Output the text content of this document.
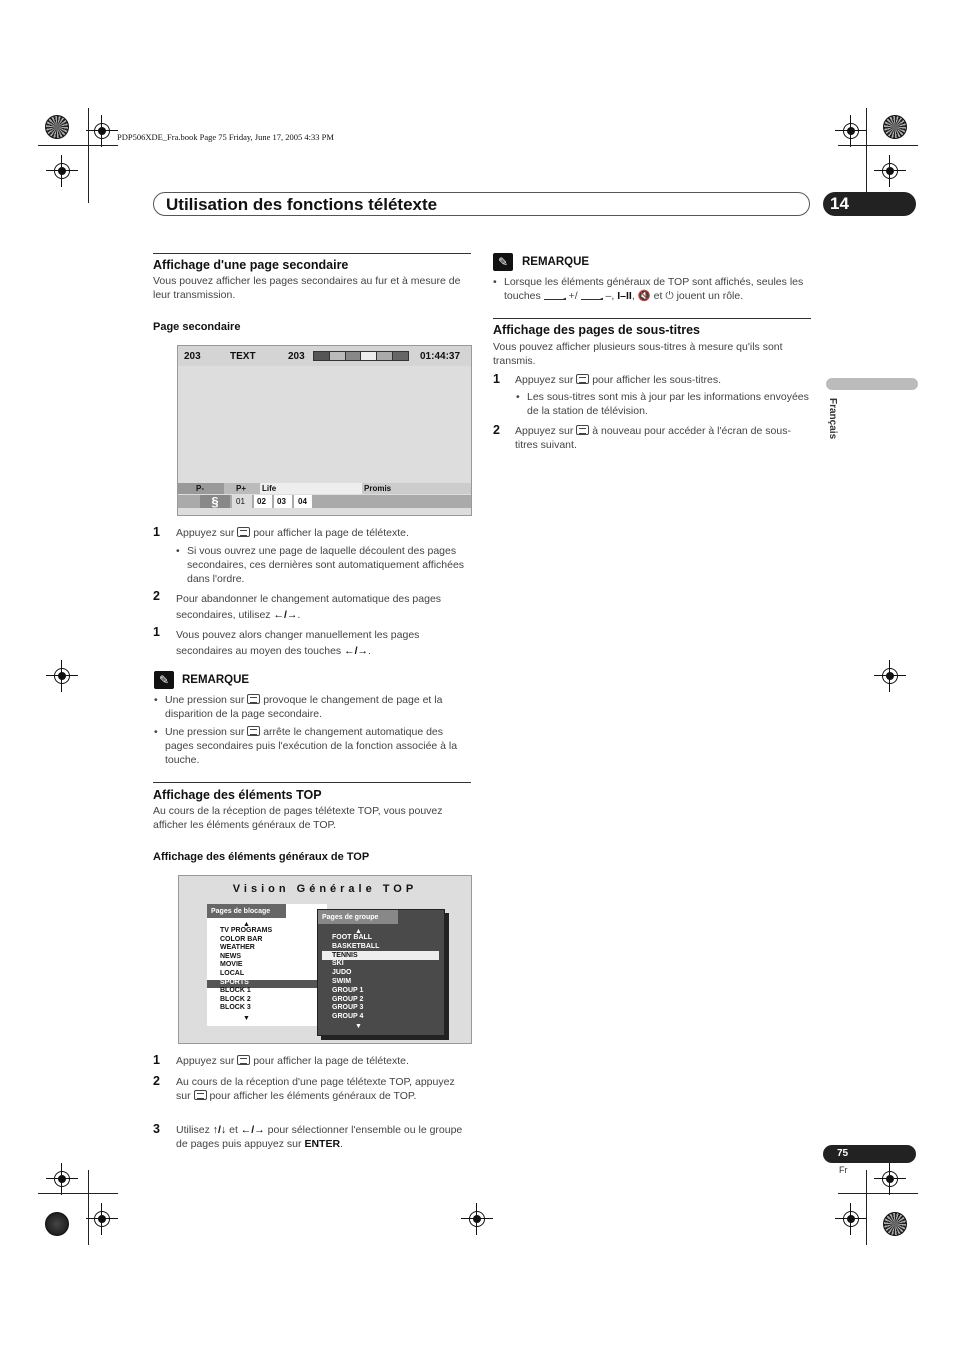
PDP506XDE_Fra.book Page 75 Friday, June 17, 2005 4:33 PM
Utilisation des fonctions télétexte	14
Affichage d'une page secondaire
Vous pouvez afficher les pages secondaires au fur et à mesure de leur transmission.
Page secondaire
203	TEXT	203	01:44:37
P-	P+ Life	Promis
§	01 02 03 04
1 Appuyez sur pour afficher la page de télétexte.
• Si vous ouvrez une page de laquelle découlent des pages secondaires, ces dernières sont automatiquement affichées dans l'ordre.
2 Pour abandonner le changement automatique des pages secondaires, utilisez ←/→.
1 Vous pouvez alors changer manuellement les pages secondaires au moyen des touches ←/→.
✎	REMARQUE
• Une pression sur provoque le changement de page et la disparition de la page secondaire.
• Une pression sur arrête le changement automatique des pages secondaires puis l'exécution de la fonction associée à la touche.
Affichage des éléments TOP
Au cours de la réception de pages télétexte TOP, vous pouvez afficher les éléments généraux de TOP.
Affichage des éléments généraux de TOP
Vision Générale TOP
Pages de blocage
▲
TV PROGRAMS
COLOR BAR
WEATHER
NEWS
MOVIE
LOCAL
SPORTS
BLOCK 1
BLOCK 2
BLOCK 3
▼
Pages de groupe
▲
FOOT BALL
BASKETBALL
TENNIS
SKI
JUDO
SWIM
GROUP 1
GROUP 2
GROUP 3
GROUP 4
▼
1 Appuyez sur pour afficher la page de télétexte.
2 Au cours de la réception d'une page télétexte TOP, appuyez sur pour afficher les éléments généraux de TOP.
3 Utilisez ↑/↓ et ←/→ pour sélectionner l'ensemble ou le groupe de pages puis appuyez sur ENTER.
✎	REMARQUE
• Lorsque les éléments généraux de TOP sont affichés, seules les touches	+/	–, I–II, 🔇 et ⏻ jouent un rôle.
Affichage des pages de sous-titres
Vous pouvez afficher plusieurs sous-titres à mesure qu'ils sont transmis.
1 Appuyez sur pour afficher les sous-titres.
• Les sous-titres sont mis à jour par les informations envoyées de la station de télévision.
2 Appuyez sur à nouveau pour accéder à l'écran de sous-titres suivant.
Français
75
Fr
